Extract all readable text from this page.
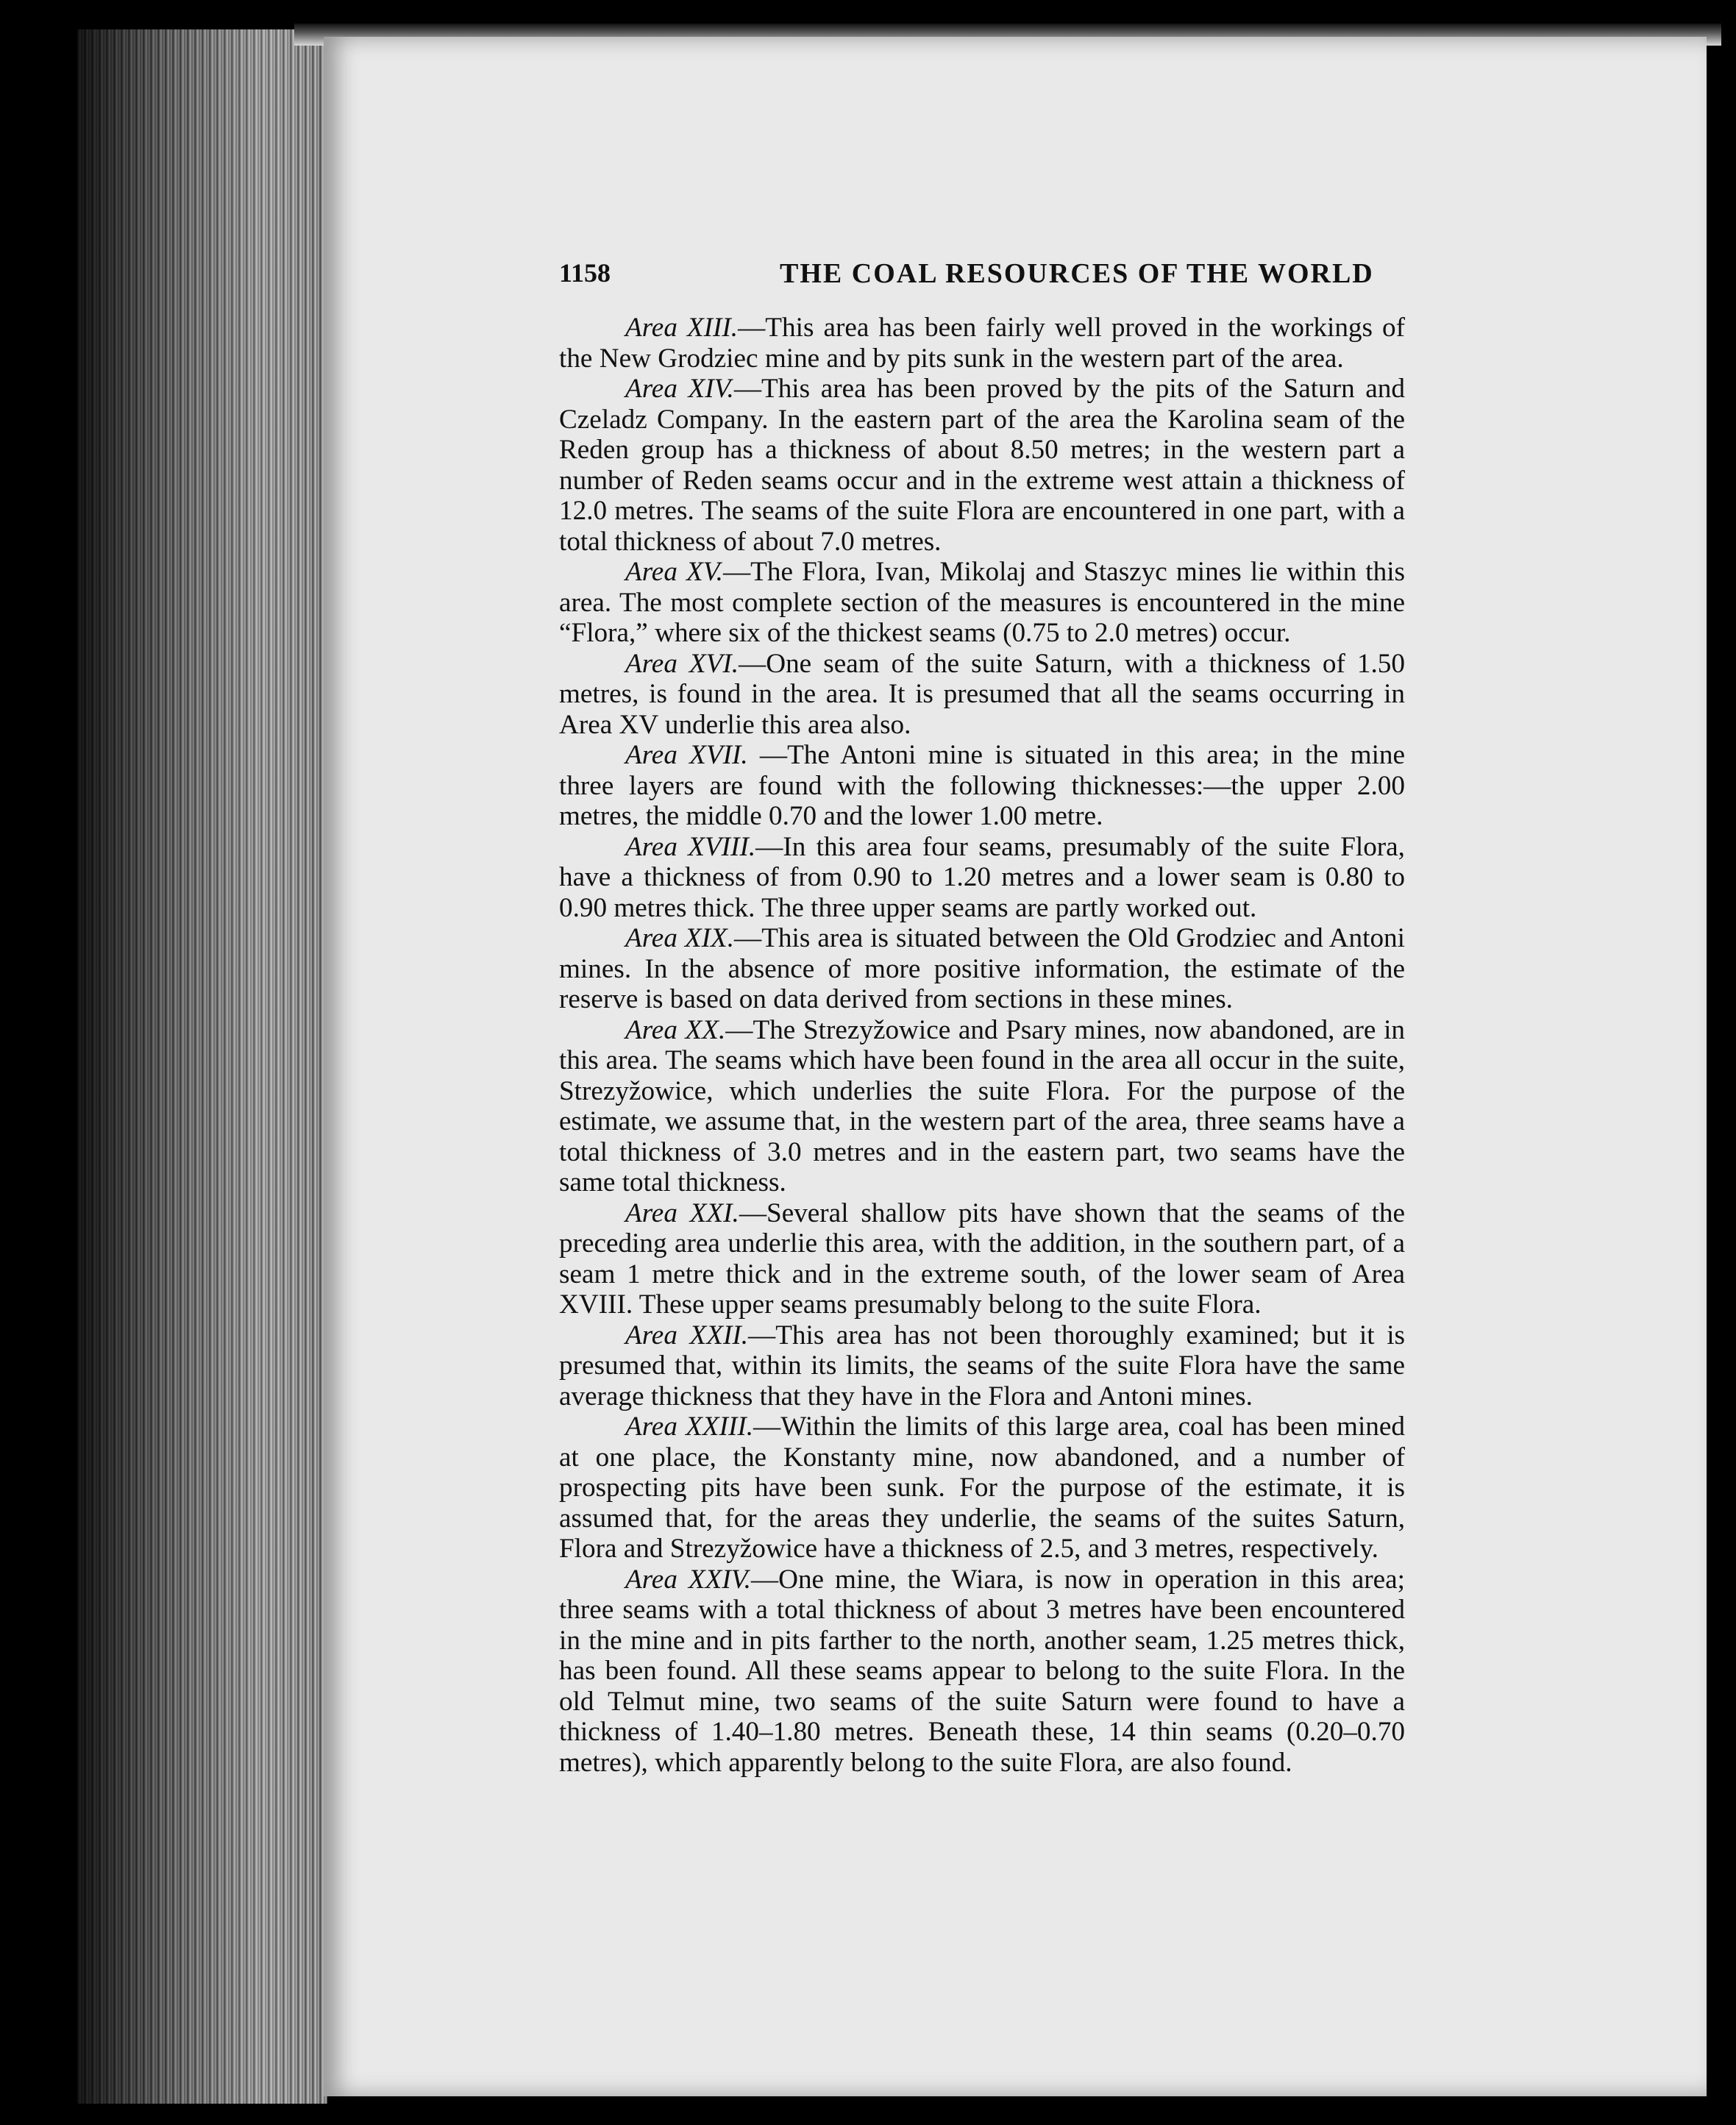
1158	THE COAL RESOURCES OF THE WORLD

Area XIII.—This area has been fairly well proved in the workings of the New Grodziec mine and by pits sunk in the western part of the area.

Area XIV.—This area has been proved by the pits of the Saturn and Czeladz Company. In the eastern part of the area the Karolina seam of the Reden group has a thickness of about 8.50 metres; in the western part a number of Reden seams occur and in the extreme west attain a thickness of 12.0 metres. The seams of the suite Flora are encountered in one part, with a total thickness of about 7.0 metres.

Area XV.—The Flora, Ivan, Mikolaj and Staszyc mines lie within this area. The most complete section of the measures is encountered in the mine “Flora,” where six of the thickest seams (0.75 to 2.0 metres) occur.

Area XVI.—One seam of the suite Saturn, with a thickness of 1.50 metres, is found in the area. It is presumed that all the seams occurring in Area XV underlie this area also.

Area XVII. —The Antoni mine is situated in this area; in the mine three layers are found with the following thicknesses:—the upper 2.00 metres, the middle 0.70 and the lower 1.00 metre.

Area XVIII.—In this area four seams, presumably of the suite Flora, have a thickness of from 0.90 to 1.20 metres and a lower seam is 0.80 to 0.90 metres thick. The three upper seams are partly worked out.

Area XIX.—This area is situated between the Old Grodziec and Antoni mines. In the absence of more positive information, the estimate of the reserve is based on data derived from sections in these mines.

Area XX.—The Strezyžowice and Psary mines, now abandoned, are in this area. The seams which have been found in the area all occur in the suite, Strezyžowice, which underlies the suite Flora. For the purpose of the estimate, we assume that, in the western part of the area, three seams have a total thickness of 3.0 metres and in the eastern part, two seams have the same total thickness.

Area XXI.—Several shallow pits have shown that the seams of the preceding area underlie this area, with the addition, in the southern part, of a seam 1 metre thick and in the extreme south, of the lower seam of Area XVIII. These upper seams presumably belong to the suite Flora.

Area XXII.—This area has not been thoroughly examined; but it is presumed that, within its limits, the seams of the suite Flora have the same average thickness that they have in the Flora and Antoni mines.

Area XXIII.—Within the limits of this large area, coal has been mined at one place, the Konstanty mine, now abandoned, and a number of prospecting pits have been sunk. For the purpose of the estimate, it is assumed that, for the areas they underlie, the seams of the suites Saturn, Flora and Strezyžowice have a thickness of 2.5, and 3 metres, respectively.

Area XXIV.—One mine, the Wiara, is now in operation in this area; three seams with a total thickness of about 3 metres have been encountered in the mine and in pits farther to the north, another seam, 1.25 metres thick, has been found. All these seams appear to belong to the suite Flora. In the old Telmut mine, two seams of the suite Saturn were found to have a thickness of 1.40–1.80 metres. Beneath these, 14 thin seams (0.20–0.70 metres), which apparently belong to the suite Flora, are also found.
